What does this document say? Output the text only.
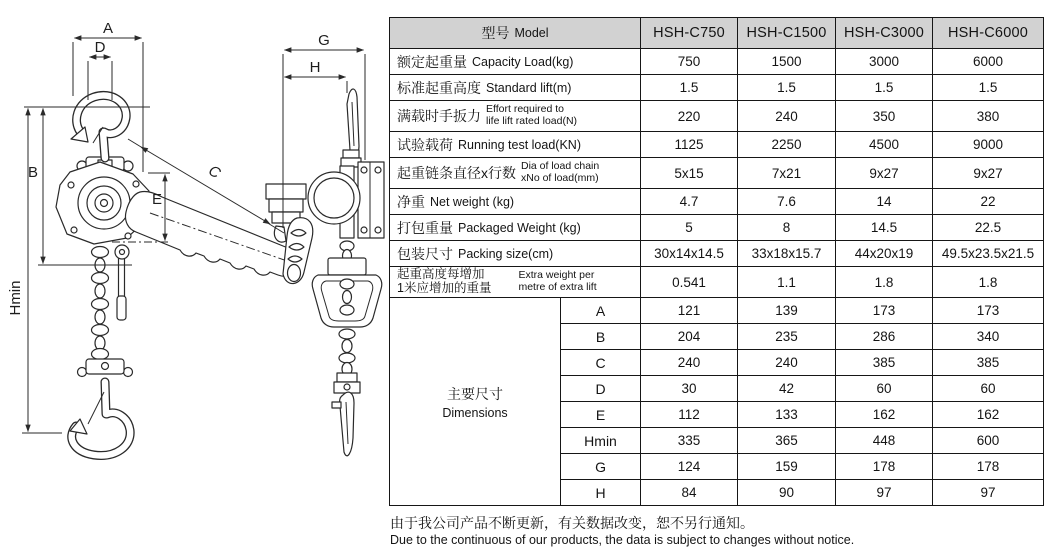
A
D
B
E
C
Hmin
G
H
型号 Model		HSH-C750	HSH-C1500	HSH-C3000	HSH-C6000

额定起重量 Capacity Load(kg)		750	1500	3000	6000

标准起重高度 Standard lift(m)		1.5	1.5	1.5	1.5

满载时手扳力 Effort required to
life lift rated load(N)		220	240	350	380

试验载荷 Running test load(KN)		1125	2250	4500	9000

起重链条直径x行数 Dia of load chain
xNo of load(mm)		5x15	7x21	9x27	9x27

净重 Net weight (kg)		4.7	7.6	14	22

打包重量 Packaged Weight (kg)		5	8	14.5	22.5

包装尺寸 Packing size(cm)		30x14x14.5	33x18x15.7	44x20x19	49.5x23.5x21.5

起重高度每增加
1米应增加的重量
Extra weight per
metre of extra lift		0.541	1.1	1.8	1.8

主要尺寸
Dimensions	A	121	139	173	173
	B	204	235	286	340
	C	240	240	385	385
	D	30	42	60	60
	E	112	133	162	162
	Hmin	335	365	448	600
	G	124	159	178	178
	H	84	90	97	97
由于我公司产品不断更新，有关数据改变，恕不另行通知。
Due to the continuous of our products, the data is subject to changes without notice.
